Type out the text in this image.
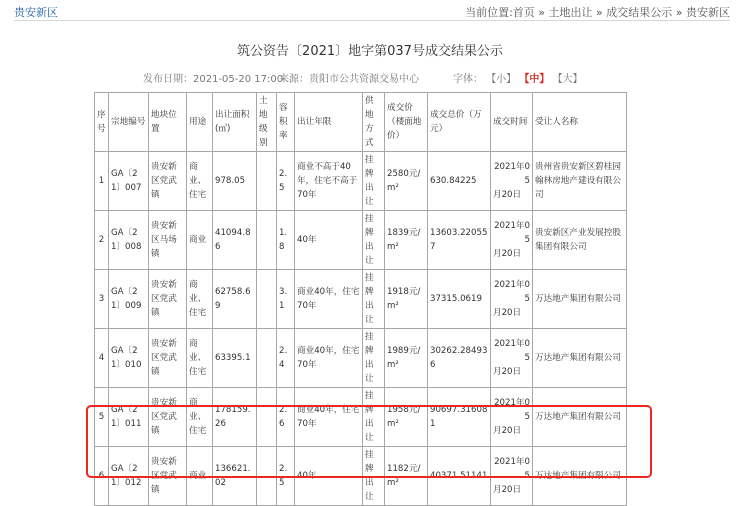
贵安新区	当前位置:首页 » 土地出让 » 成交结果公示 » 贵安新区
筑公资告〔2021〕地字第037号成交结果公示
发布日期：2021-05-20 17:00
来源：贵阳市公共资源交易中心	字体： 【小】 【中】 【大】
序号	宗地编号	地块位置	用途	出让面积(㎡)	土地级别	容积率	出让年限	供地方式	成交价（楼面地价）	成交总价（万元）	成交时间	受让人名称
1	GA〔21〕007	贵安新区党武镇	商业、住宅	978.05		2.5	商业不高于40年，住宅不高于70年	挂牌出让	2580元/m²	630.84225	2021年05
月20日	贵州省贵安新区碧桂园翰林房地产建设有限公司
2	GA〔21〕008	贵安新区马场镇	商业	41094.86		1.8	40年	挂牌出让	1839元/m²	13603.220557	2021年05
月20日	贵安新区产业发展控股集团有限公司
3	GA〔21〕009	贵安新区党武镇	商业、住宅	62758.69		3.1	商业40年，住宅70年	挂牌出让	1918元/m²	37315.0619	2021年05
月20日	万达地产集团有限公司
4	GA〔21〕010	贵安新区党武镇	商业、住宅	63395.1		2.4	商业40年，住宅70年	挂牌出让	1989元/m²	30262.284936	2021年05
月20日	万达地产集团有限公司
5	GA〔21〕011	贵安新区党武镇	商业、住宅	178159.26		2.6	商业40年，住宅70年	挂牌出让	1958元/m²	90697.316081	2021年05
月20日	万达地产集团有限公司
6	GA〔21〕012	贵安新区党武镇	商业	136621.02		2.5	40年	挂牌出让	1182元/m²	40371.51141	2021年05
月20日	万达地产集团有限公司
